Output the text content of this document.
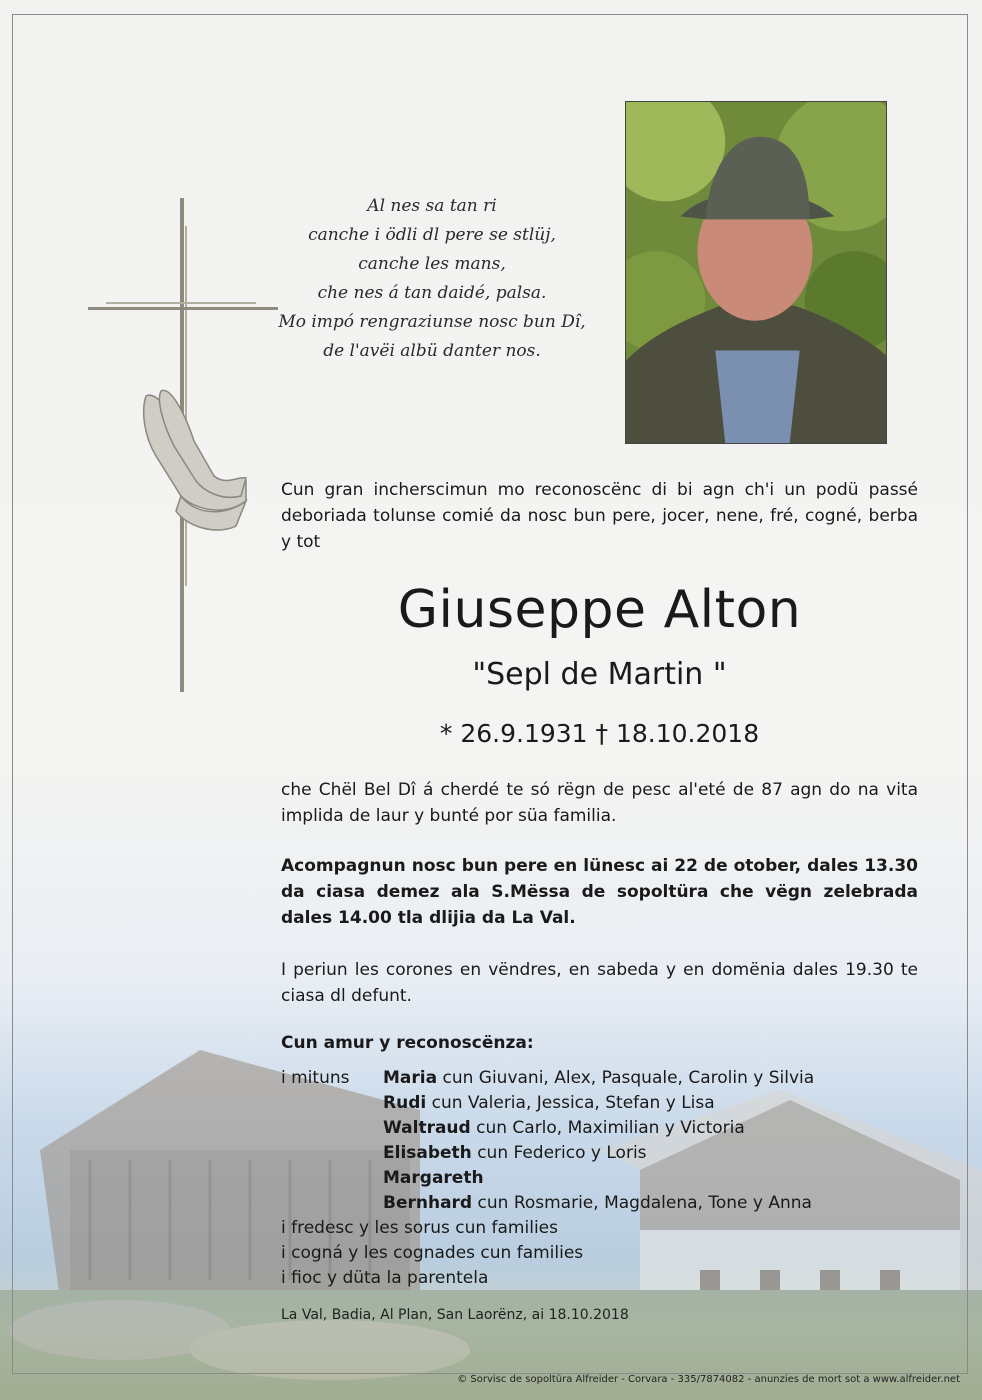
Al nes sa tan ri
canche i ödli dl pere se stlüj,
canche les mans,
che nes á tan daidé, palsa.
Mo impó rengraziunse nosc bun Dî,
de l'avëi albü danter nos.
Cun gran incherscimun mo reconoscënc di bi agn ch'i un podü passé deboriada tolunse comié da nosc bun pere, jocer, nene, fré, cogné, berba y tot
Giuseppe Alton
"Sepl de Martin "
* 26.9.1931 † 18.10.2018
che Chël Bel Dî á cherdé te só rëgn de pesc al'eté de 87 agn do na vita implida de laur y bunté por süa familia.
Acompagnun nosc bun pere en lünesc ai 22 de otober, dales 13.30 da ciasa demez ala S.Mëssa de sopoltüra che vëgn zelebrada dales 14.00 tla dlijia da La Val.
I periun les corones en vëndres, en sabeda y en domënia dales 19.30 te ciasa dl defunt.
Cun amur y reconoscënza:
i mituns	Maria cun Giuvani, Alex, Pasquale, Carolin y Silvia
Rudi cun Valeria, Jessica, Stefan y Lisa
Waltraud cun Carlo, Maximilian y Victoria
Elisabeth cun Federico y Loris
Margareth
Bernhard cun Rosmarie, Magdalena, Tone y Anna
i fredesc y les sorus cun families
i cogná y les cognades cun families
i fioc y düta la parentela
La Val, Badia, Al Plan, San Laorënz, ai 18.10.2018
© Sorvisc de sopoltüra Alfreider - Corvara - 335/7874082 - anunzies de mort sot a www.alfreider.net
